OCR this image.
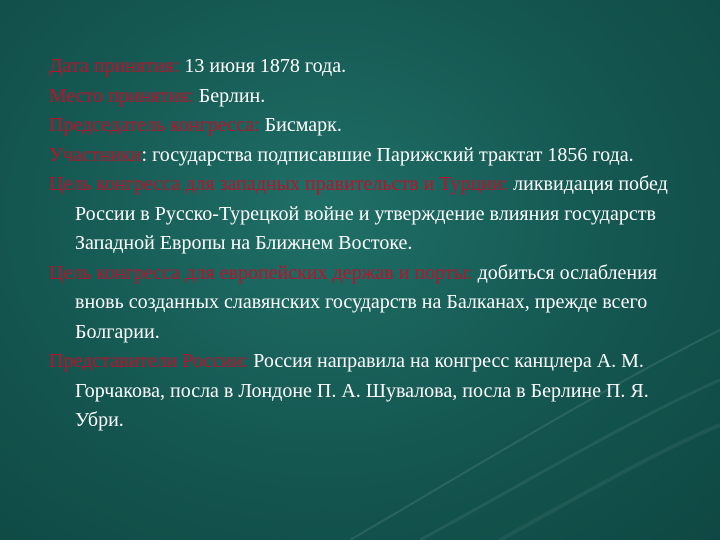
Дата принятия: 13 июня 1878 года.

Место принятия: Берлин.

Председатель конгресса: Бисмарк.

Участники: государства подписавшие Парижский трактат 1856 года.

Цель конгресса для западных правительств и Турции: ликвидация побед России в Русско-Турецкой войне и утверждение влияния государств Западной Европы на Ближнем Востоке.

Цель конгресса для европейских держав и порты: добиться ослабления вновь созданных славянских государств на Балканах, прежде всего Болгарии.

Представители России: Россия направила на конгресс канцлера А. М. Горчакова, посла в Лондоне П. А. Шувалова, посла в Берлине П. Я. Убри.
